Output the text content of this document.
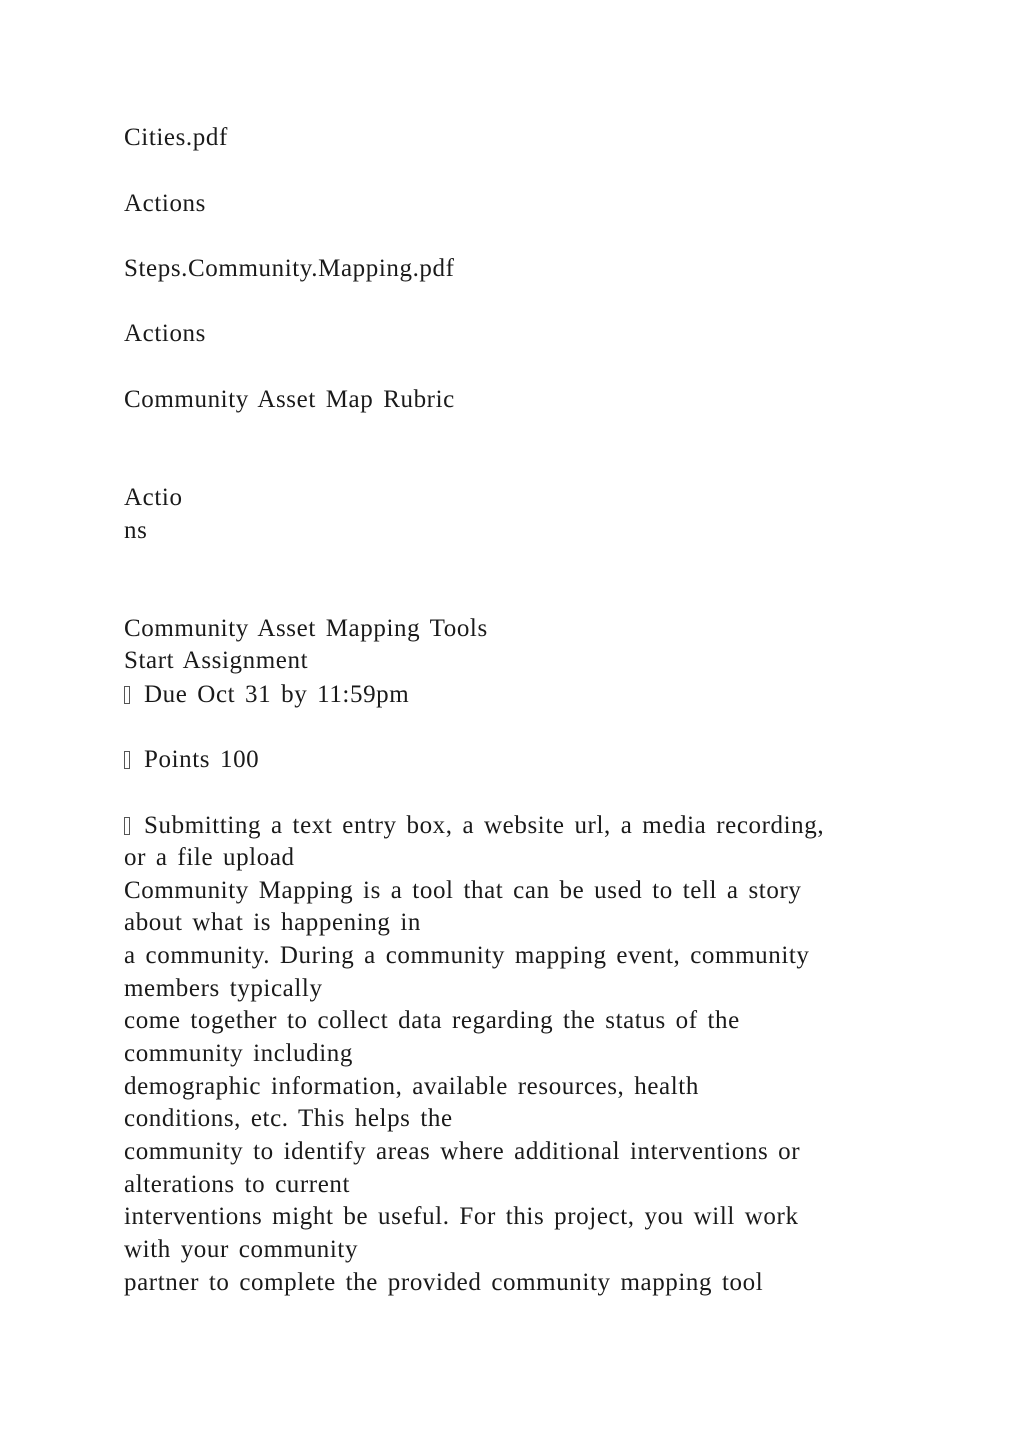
Cities.pdf
Actions
Steps.Community.Mapping.pdf
Actions
Community Asset Map Rubric
Actio
ns
Community Asset Mapping Tools
Start Assignment
Due Oct 31 by 11:59pm
Points 100
Submitting a text entry box, a website url, a media recording,
or a file upload
Community Mapping is a tool that can be used to tell a story
about what is happening in
a community. During a community mapping event, community
members typically
come together to collect data regarding the status of the
community including
demographic information, available resources, health
conditions, etc. This helps the
community to identify areas where additional interventions or
alterations to current
interventions might be useful. For this project, you will work
with your community
partner to complete the provided community mapping tool
